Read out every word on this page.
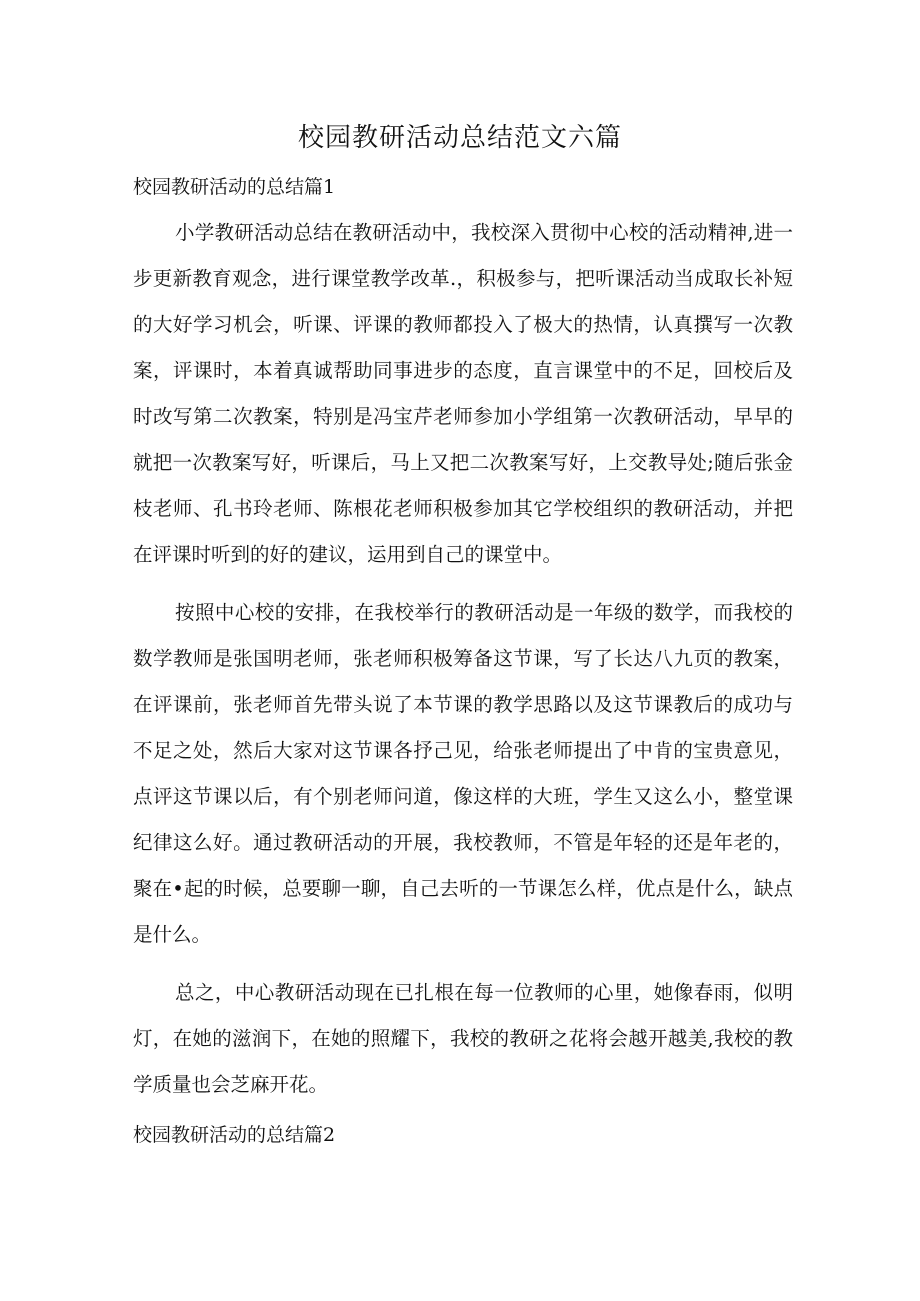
校园教研活动总结范文六篇
校园教研活动的总结篇1

小学教研活动总结在教研活动中，我校深入贯彻中心校的活动精神,进一步更新教育观念，进行课堂教学改革.，积极参与，把听课活动当成取长补短的大好学习机会，听课、评课的教师都投入了极大的热情，认真撰写一次教案，评课时，本着真诚帮助同事进步的态度，直言课堂中的不足，回校后及时改写第二次教案，特别是冯宝芹老师参加小学组第一次教研活动，早早的就把一次教案写好，听课后，马上又把二次教案写好，上交教导处;随后张金枝老师、孔书玲老师、陈根花老师积极参加其它学校组织的教研活动，并把在评课时听到的好的建议，运用到自己的课堂中。

按照中心校的安排，在我校举行的教研活动是一年级的数学，而我校的数学教师是张国明老师，张老师积极筹备这节课，写了长达八九页的教案，在评课前，张老师首先带头说了本节课的教学思路以及这节课教后的成功与不足之处，然后大家对这节课各抒己见，给张老师提出了中肯的宝贵意见，点评这节课以后，有个别老师问道，像这样的大班，学生又这么小，整堂课纪律这么好。通过教研活动的开展，我校教师，不管是年轻的还是年老的，聚在•起的时候，总要聊一聊，自己去听的一节课怎么样，优点是什么，缺点是什么。

总之，中心教研活动现在已扎根在每一位教师的心里，她像春雨，似明灯，在她的滋润下，在她的照耀下，我校的教研之花将会越开越美,我校的教学质量也会芝麻开花。

校园教研活动的总结篇2
